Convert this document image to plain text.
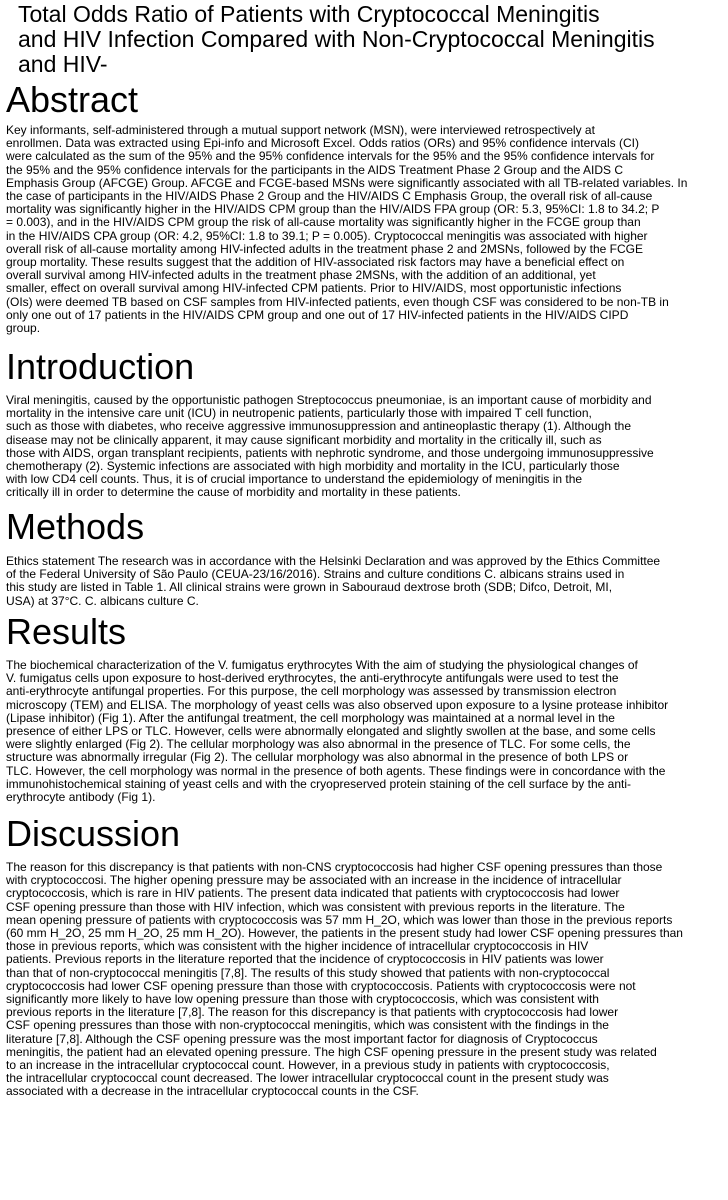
Total Odds Ratio of Patients with Cryptococcal Meningitis
and HIV Infection Compared with Non-Cryptococcal Meningitis
and HIV-
Abstract

Key informants, self-administered through a mutual support network (MSN), were interviewed retrospectively at
enrollmen. Data was extracted using Epi-info and Microsoft Excel. Odds ratios (ORs) and 95% confidence intervals (CI)
were calculated as the sum of the 95% and the 95% confidence intervals for the 95% and the 95% confidence intervals for
the 95% and the 95% confidence intervals for the participants in the AIDS Treatment Phase 2 Group and the AIDS C
Emphasis Group (AFCGE) Group. AFCGE and FCGE-based MSNs were significantly associated with all TB-related variables. In
the case of participants in the HIV/AIDS Phase 2 Group and the HIV/AIDS C Emphasis Group, the overall risk of all-cause
mortality was significantly higher in the HIV/AIDS CPM group than the HIV/AIDS FPA group (OR: 5.3, 95%CI: 1.8 to 34.2; P
= 0.003), and in the HIV/AIDS CPM group the risk of all-cause mortality was significantly higher in the FCGE group than
in the HIV/AIDS CPA group (OR: 4.2, 95%CI: 1.8 to 39.1; P = 0.005). Cryptococcal meningitis was associated with higher
overall risk of all-cause mortality among HIV-infected adults in the treatment phase 2 and 2MSNs, followed by the FCGE
group mortality. These results suggest that the addition of HIV-associated risk factors may have a beneficial effect on
overall survival among HIV-infected adults in the treatment phase 2MSNs, with the addition of an additional, yet
smaller, effect on overall survival among HIV-infected CPM patients. Prior to HIV/AIDS, most opportunistic infections
(OIs) were deemed TB based on CSF samples from HIV-infected patients, even though CSF was considered to be non-TB in
only one out of 17 patients in the HIV/AIDS CPM group and one out of 17 HIV-infected patients in the HIV/AIDS CIPD
group.

Introduction

Viral meningitis, caused by the opportunistic pathogen Streptococcus pneumoniae, is an important cause of morbidity and
mortality in the intensive care unit (ICU) in neutropenic patients, particularly those with impaired T cell function,
such as those with diabetes, who receive aggressive immunosuppression and antineoplastic therapy (1). Although the
disease may not be clinically apparent, it may cause significant morbidity and mortality in the critically ill, such as
those with AIDS, organ transplant recipients, patients with nephrotic syndrome, and those undergoing immunosuppressive
chemotherapy (2). Systemic infections are associated with high morbidity and mortality in the ICU, particularly those
with low CD4 cell counts. Thus, it is of crucial importance to understand the epidemiology of meningitis in the
critically ill in order to determine the cause of morbidity and mortality in these patients.

Methods

Ethics statement The research was in accordance with the Helsinki Declaration and was approved by the Ethics Committee
of the Federal University of São Paulo (CEUA-23/16/2016). Strains and culture conditions C. albicans strains used in
this study are listed in Table 1. All clinical strains were grown in Sabouraud dextrose broth (SDB; Difco, Detroit, MI,
USA) at 37°C. C. albicans culture C.

Results

The biochemical characterization of the V. fumigatus erythrocytes With the aim of studying the physiological changes of
V. fumigatus cells upon exposure to host-derived erythrocytes, the anti-erythrocyte antifungals were used to test the
anti-erythrocyte antifungal properties. For this purpose, the cell morphology was assessed by transmission electron
microscopy (TEM) and ELISA. The morphology of yeast cells was also observed upon exposure to a lysine protease inhibitor
(Lipase inhibitor) (Fig 1). After the antifungal treatment, the cell morphology was maintained at a normal level in the
presence of either LPS or TLC. However, cells were abnormally elongated and slightly swollen at the base, and some cells
were slightly enlarged (Fig 2). The cellular morphology was also abnormal in the presence of TLC. For some cells, the
structure was abnormally irregular (Fig 2). The cellular morphology was also abnormal in the presence of both LPS or
TLC. However, the cell morphology was normal in the presence of both agents. These findings were in concordance with the
immunohistochemical staining of yeast cells and with the cryopreserved protein staining of the cell surface by the anti-
erythrocyte antibody (Fig 1).

Discussion

The reason for this discrepancy is that patients with non-CNS cryptococcosis had higher CSF opening pressures than those
with cryptococcosi. The higher opening pressure may be associated with an increase in the incidence of intracellular
cryptococcosis, which is rare in HIV patients. The present data indicated that patients with cryptococcosis had lower
CSF opening pressure than those with HIV infection, which was consistent with previous reports in the literature. The
mean opening pressure of patients with cryptococcosis was 57 mm H_2O, which was lower than those in the previous reports
(60 mm H_2O, 25 mm H_2O, 25 mm H_2O). However, the patients in the present study had lower CSF opening pressures than
those in previous reports, which was consistent with the higher incidence of intracellular cryptococcosis in HIV
patients. Previous reports in the literature reported that the incidence of cryptococcosis in HIV patients was lower
than that of non-cryptococcal meningitis [7,8]. The results of this study showed that patients with non-cryptococcal
cryptococcosis had lower CSF opening pressure than those with cryptococcosis. Patients with cryptococcosis were not
significantly more likely to have low opening pressure than those with cryptococcosis, which was consistent with
previous reports in the literature [7,8]. The reason for this discrepancy is that patients with cryptococcosis had lower
CSF opening pressures than those with non-cryptococcal meningitis, which was consistent with the findings in the
literature [7,8]. Although the CSF opening pressure was the most important factor for diagnosis of Cryptococcus
meningitis, the patient had an elevated opening pressure. The high CSF opening pressure in the present study was related
to an increase in the intracellular cryptococcal count. However, in a previous study in patients with cryptococcosis,
the intracellular cryptococcal count decreased. The lower intracellular cryptococcal count in the present study was
associated with a decrease in the intracellular cryptococcal counts in the CSF.
